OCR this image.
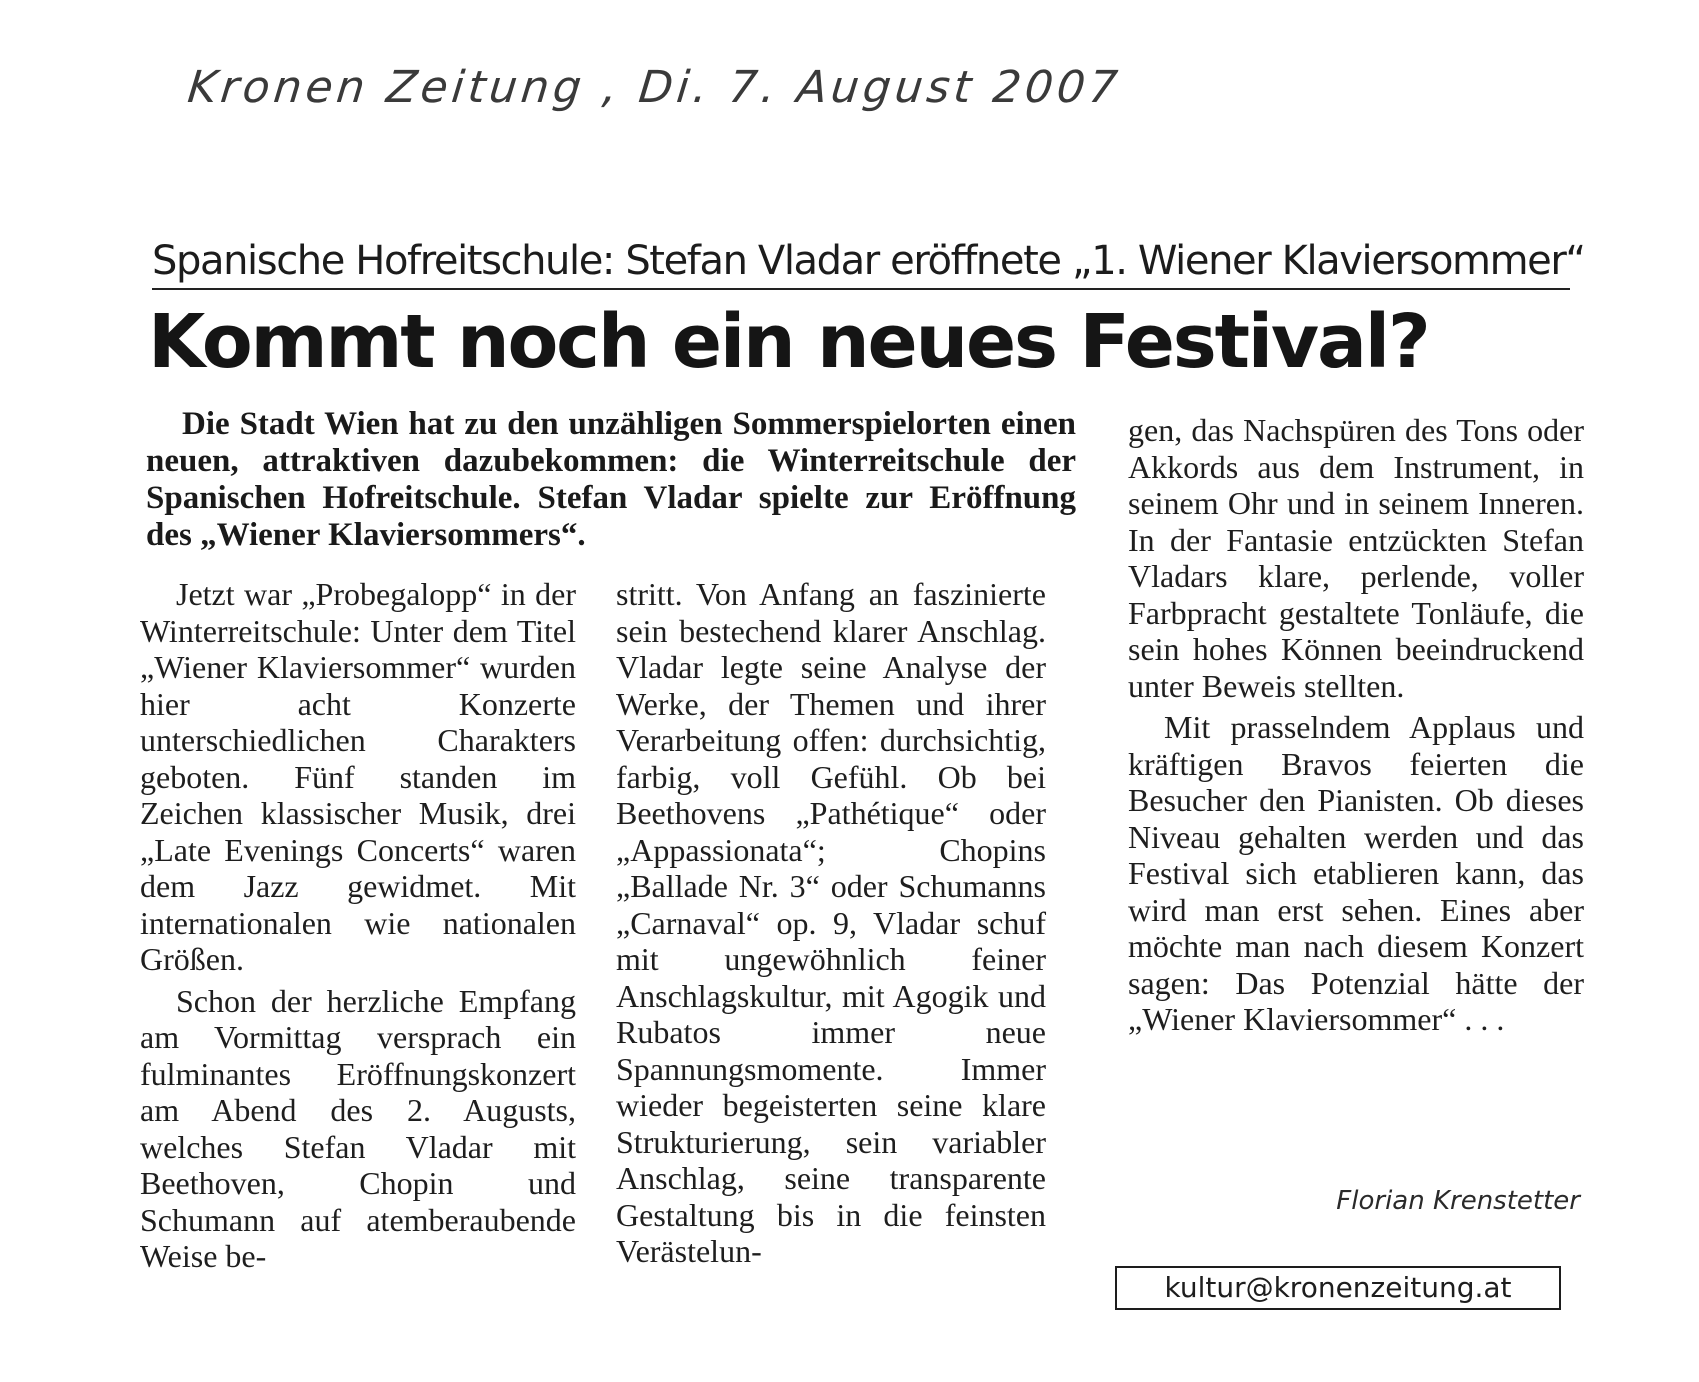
Kronen Zeitung , Di. 7. August 2007
Spanische Hofreitschule: Stefan Vladar eröffnete „1. Wiener Klaviersommer“
Kommt noch ein neues Festival?
Die Stadt Wien hat zu den unzähligen Sommerspielorten einen neuen, attraktiven dazubekommen: die Winterreitschule der Spanischen Hofreitschule. Stefan Vladar spielte zur Eröffnung des „Wiener Klaviersommers“.

Jetzt war „Probegalopp“ in der Winterreitschule: Unter dem Titel „Wiener Klaviersommer“ wurden hier acht Konzerte unterschiedlichen Charakters geboten. Fünf standen im Zeichen klassischer Musik, drei „Late Evenings Concerts“ waren dem Jazz gewidmet. Mit internationalen wie nationalen Größen.

Schon der herzliche Empfang am Vormittag versprach ein fulminantes Eröffnungskonzert am Abend des 2. Augusts, welches Stefan Vladar mit Beethoven, Chopin und Schumann auf atemberaubende Weise be-

stritt. Von Anfang an faszinierte sein bestechend klarer Anschlag. Vladar legte seine Analyse der Werke, der Themen und ihrer Verarbeitung offen: durchsichtig, farbig, voll Gefühl. Ob bei Beethovens „Pathétique“ oder „Appassionata“; Chopins „Ballade Nr. 3“ oder Schumanns „Carnaval“ op. 9, Vladar schuf mit ungewöhnlich feiner Anschlagskultur, mit Agogik und Rubatos immer neue Spannungsmomente. Immer wieder begeisterten seine klare Strukturierung, sein variabler Anschlag, seine transparente Gestaltung bis in die feinsten Verästelun-

gen, das Nachspüren des Tons oder Akkords aus dem Instrument, in seinem Ohr und in seinem Inneren. In der Fantasie entzückten Stefan Vladars klare, perlende, voller Farbpracht gestaltete Tonläufe, die sein hohes Können beeindruckend unter Beweis stellten.

Mit prasselndem Applaus und kräftigen Bravos feierten die Besucher den Pianisten. Ob dieses Niveau gehalten werden und das Festival sich etablieren kann, das wird man erst sehen. Eines aber möchte man nach diesem Konzert sagen: Das Potenzial hätte der „Wiener Klaviersommer“ . . .

Florian Krenstetter
kultur@kronenzeitung.at
